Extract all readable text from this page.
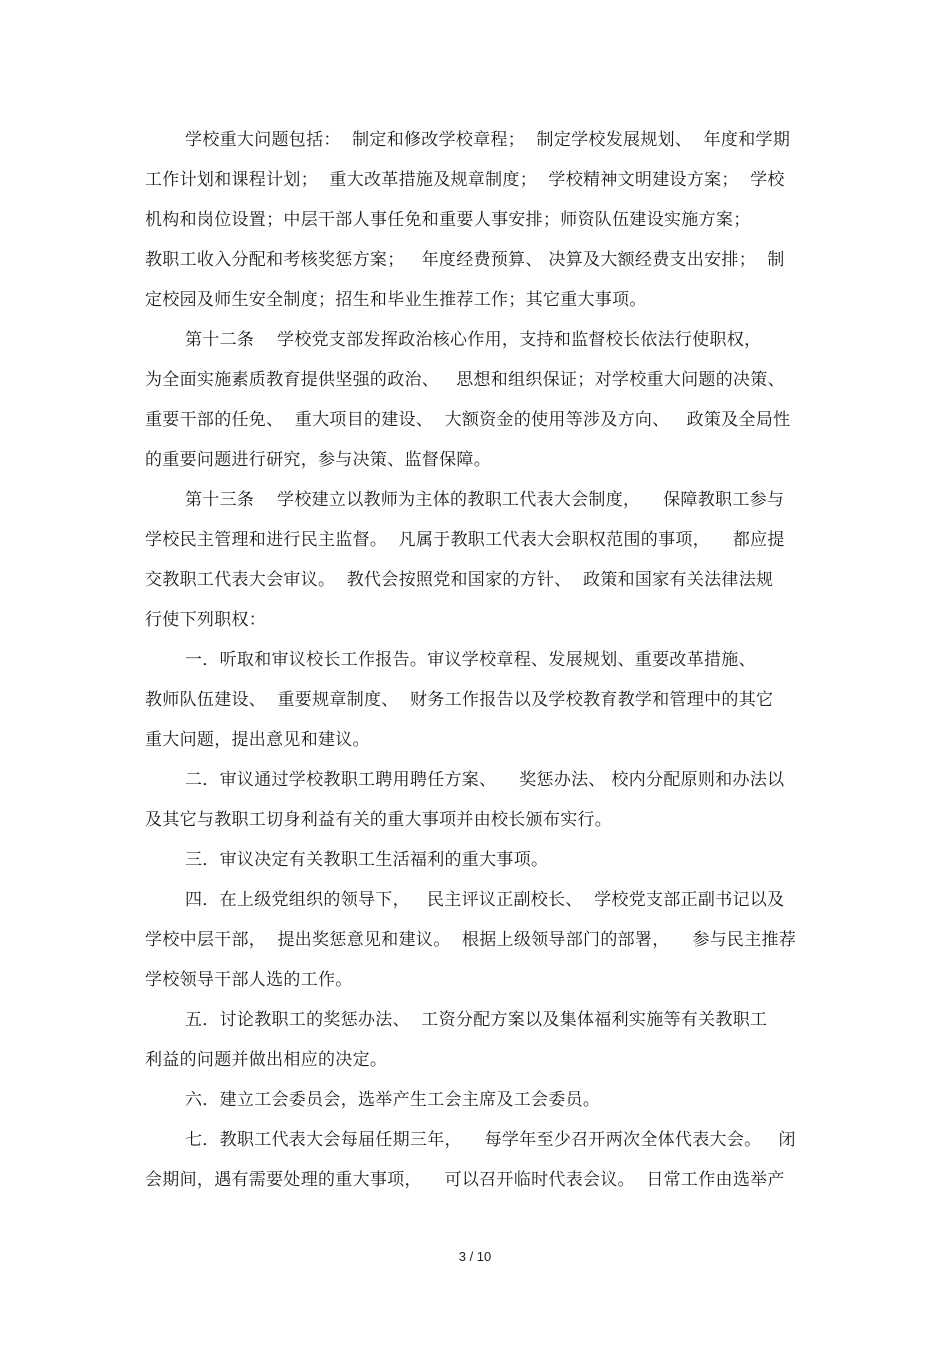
学校重大问题包括：  制定和修改学校章程；  制定学校发展规划、  年度和学期
工作计划和课程计划；  重大改革措施及规章制度；  学校精神文明建设方案；  学校
机构和岗位设置；中层干部人事任免和重要人事安排；师资队伍建设实施方案；
教职工收入分配和考核奖惩方案；   年度经费预算、 决算及大额经费支出安排；  制
定校园及师生安全制度；招生和毕业生推荐工作；其它重大事项。
第十二条    学校党支部发挥政治核心作用，支持和监督校长依法行使职权，
为全面实施素质教育提供坚强的政治、   思想和组织保证；对学校重大问题的决策、
重要干部的任免、  重大项目的建设、  大额资金的使用等涉及方向、   政策及全局性
的重要问题进行研究，参与决策、监督保障。
第十三条    学校建立以教师为主体的教职工代表大会制度，    保障教职工参与
学校民主管理和进行民主监督。  凡属于教职工代表大会职权范围的事项，    都应提
交教职工代表大会审议。  教代会按照党和国家的方针、  政策和国家有关法律法规
行使下列职权：
一．听取和审议校长工作报告。审议学校章程、发展规划、重要改革措施、
教师队伍建设、  重要规章制度、  财务工作报告以及学校教育教学和管理中的其它
重大问题，提出意见和建议。
二．审议通过学校教职工聘用聘任方案、    奖惩办法、 校内分配原则和办法以
及其它与教职工切身利益有关的重大事项并由校长颁布实行。
三．审议决定有关教职工生活福利的重大事项。
四．在上级党组织的领导下，   民主评议正副校长、  学校党支部正副书记以及
学校中层干部，  提出奖惩意见和建议。  根据上级领导部门的部署，    参与民主推荐
学校领导干部人选的工作。
五．讨论教职工的奖惩办法、  工资分配方案以及集体福利实施等有关教职工
利益的问题并做出相应的决定。
六．建立工会委员会，选举产生工会主席及工会委员。
七．教职工代表大会每届任期三年，    每学年至少召开两次全体代表大会。   闭
会期间，遇有需要处理的重大事项，    可以召开临时代表会议。  日常工作由选举产
3 / 10
